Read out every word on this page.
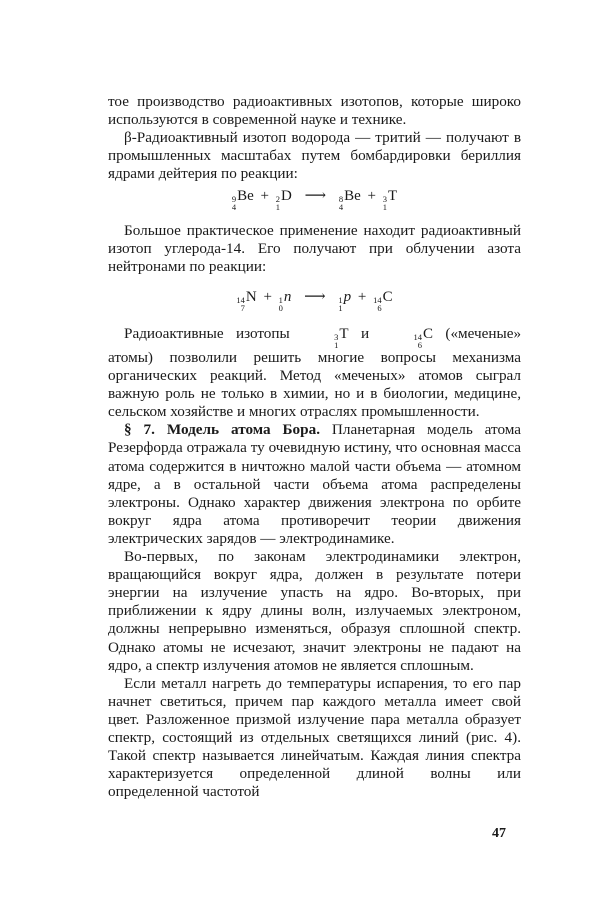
тое производство радиоактивных изотопов, которые широко используются в современной науке и технике.

β-Радиоактивный изотоп водорода — тритий — получают в промышленных масштабах путем бомбардировки бериллия ядрами дейтерия по реакции:

9
4
Be + 2
1
D ⟶ 8
4
Be + 3
1
T

Большое практическое применение находит радиоактивный изотоп углерода-14. Его получают при облучении азота нейтронами по реакции:

14
7
N + 1
0
n ⟶ 1
1
p + 14
6
C

Радиоактивные изотопы	3
1
T и	14
6
C («меченые» атомы) позволили решить многие вопросы механизма органических реакций. Метод «меченых» атомов сыграл важную роль не только в химии, но и в биологии, медицине, сельском хозяйстве и многих отраслях промышленности.

§ 7. Модель атома Бора. Планетарная модель атома Резерфорда отражала ту очевидную истину, что основная масса атома содержится в ничтожно малой части объема — атомном ядре, а в остальной части объема атома распределены электроны. Однако характер движения электрона по орбите вокруг ядра атома противоречит теории движения электрических зарядов — электродинамике.

Во-первых, по законам электродинамики электрон, вращающийся вокруг ядра, должен в результате потери энергии на излучение упасть на ядро. Во-вторых, при приближении к ядру длины волн, излучаемых электроном, должны непрерывно изменяться, образуя сплошной спектр. Однако атомы не исчезают, значит электроны не падают на ядро, а спектр излучения атомов не является сплошным.

Если металл нагреть до температуры испарения, то его пар начнет светиться, причем пар каждого металла имеет свой цвет. Разложенное призмой излучение пара металла образует спектр, состоящий из отдельных светящихся линий (рис. 4). Такой спектр называется линейчатым. Каждая линия спектра характеризуется определенной длиной волны или определенной частотой

47
